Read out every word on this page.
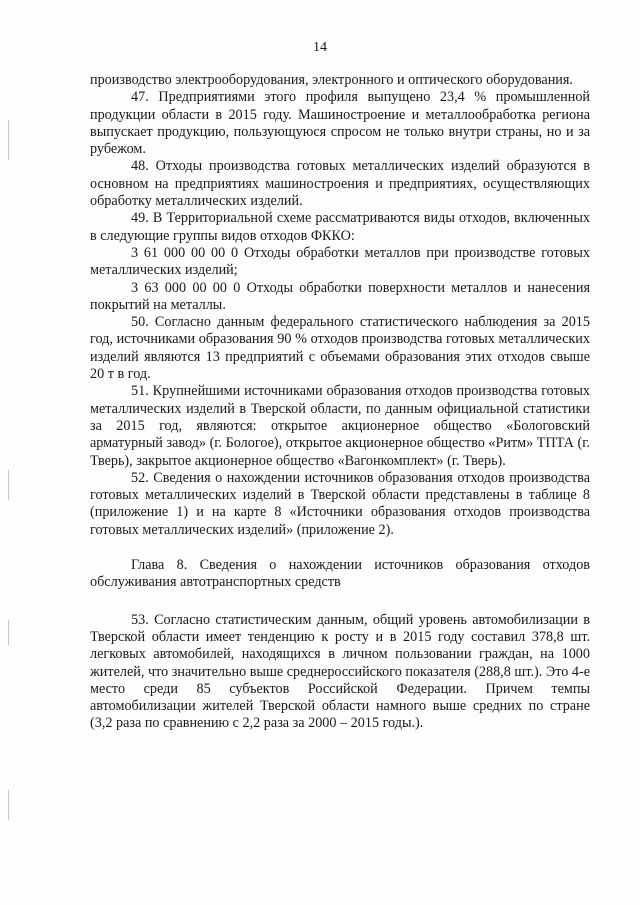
14

производство электрооборудования, электронного и оптического оборудования.

47. Предприятиями этого профиля выпущено 23,4 % промышленной продукции области в 2015 году. Машиностроение и металлообработка региона выпускает продукцию, пользующуюся спросом не только внутри страны, но и за рубежом.

48. Отходы производства готовых металлических изделий образуются в основном на предприятиях машиностроения и предприятиях, осуществляющих обработку металлических изделий.

49. В Территориальной схеме рассматриваются виды отходов, включенных в следующие группы видов отходов ФККО:

3 61 000 00 00 0 Отходы обработки металлов при производстве готовых металлических изделий;

3 63 000 00 00 0 Отходы обработки поверхности металлов и нанесения покрытий на металлы.

50. Согласно данным федерального статистического наблюдения за 2015 год, источниками образования 90 % отходов производства готовых металлических изделий являются 13 предприятий с объемами образования этих отходов свыше 20 т в год.

51. Крупнейшими источниками образования отходов производства готовых металлических изделий в Тверской области, по данным официальной статистики за 2015 год, являются: открытое акционерное общество «Бологовский арматурный завод» (г. Бологое), открытое акционерное общество «Ритм» ТПТА (г. Тверь), закрытое акционерное общество «Вагонкомплект» (г. Тверь).

52. Сведения о нахождении источников образования отходов производства готовых металлических изделий в Тверской области представлены в таблице 8 (приложение 1) и на карте 8 «Источники образования отходов производства готовых металлических изделий» (приложение 2).

Глава 8. Сведения о нахождении источников образования отходов обслуживания автотранспортных средств

53. Согласно статистическим данным, общий уровень автомобилизации в Тверской области имеет тенденцию к росту и в 2015 году составил 378,8 шт. легковых автомобилей, находящихся в личном пользовании граждан, на 1000 жителей, что значительно выше среднероссийского показателя (288,8 шт.). Это 4-е место среди 85 субъектов Российской Федерации. Причем темпы автомобилизации жителей Тверской области намного выше средних по стране (3,2 раза по сравнению с 2,2 раза за 2000 – 2015 годы.).
